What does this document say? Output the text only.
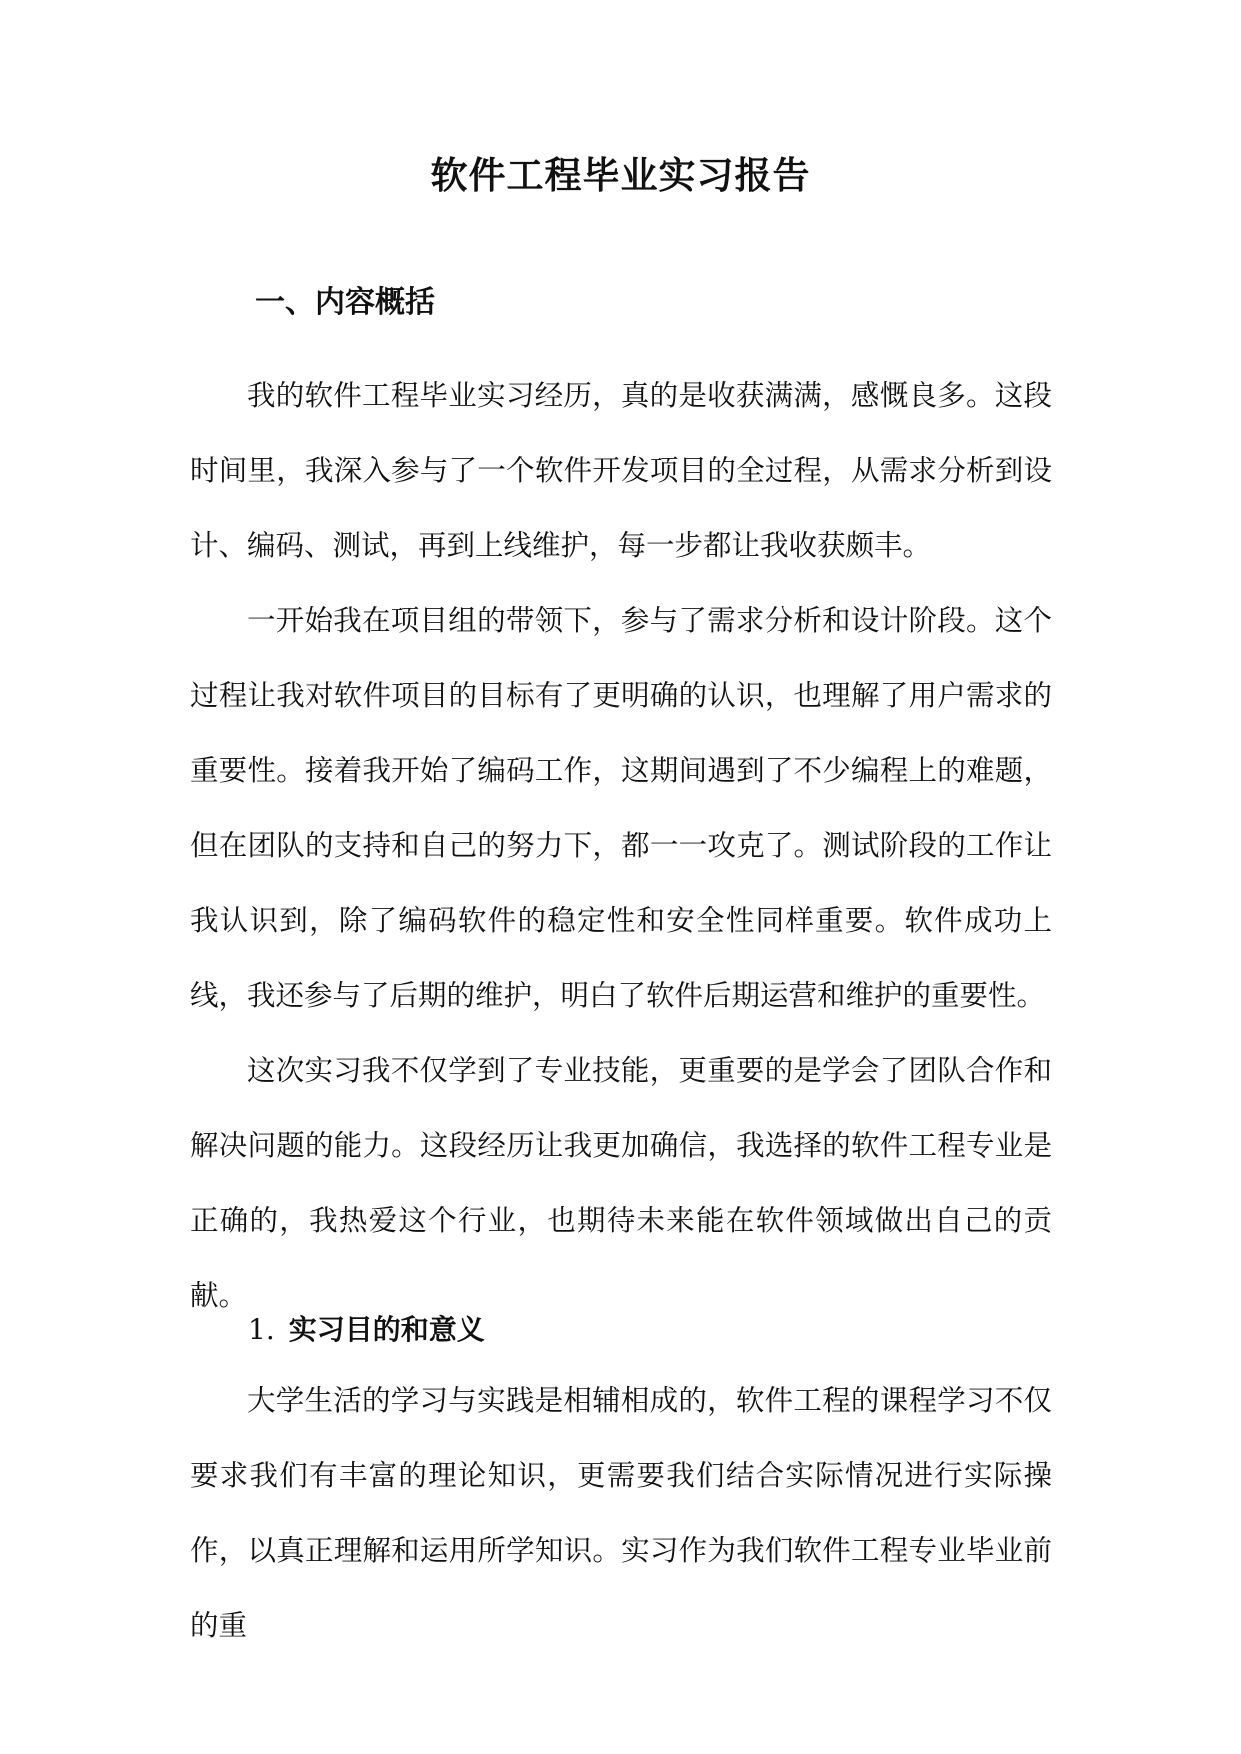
软件工程毕业实习报告
一、内容概括

我的软件工程毕业实习经历，真的是收获满满，感慨良多。这段时间里，我深入参与了一个软件开发项目的全过程，从需求分析到设计、编码、测试，再到上线维护，每一步都让我收获颇丰。

一开始我在项目组的带领下，参与了需求分析和设计阶段。这个过程让我对软件项目的目标有了更明确的认识，也理解了用户需求的重要性。接着我开始了编码工作，这期间遇到了不少编程上的难题，但在团队的支持和自己的努力下，都一一攻克了。测试阶段的工作让我认识到，除了编码软件的稳定性和安全性同样重要。软件成功上线，我还参与了后期的维护，明白了软件后期运营和维护的重要性。

这次实习我不仅学到了专业技能，更重要的是学会了团队合作和解决问题的能力。这段经历让我更加确信，我选择的软件工程专业是正确的，我热爱这个行业，也期待未来能在软件领域做出自己的贡献。

1. 实习目的和意义

大学生活的学习与实践是相辅相成的，软件工程的课程学习不仅要求我们有丰富的理论知识，更需要我们结合实际情况进行实际操作，以真正理解和运用所学知识。实习作为我们软件工程专业毕业前的重
